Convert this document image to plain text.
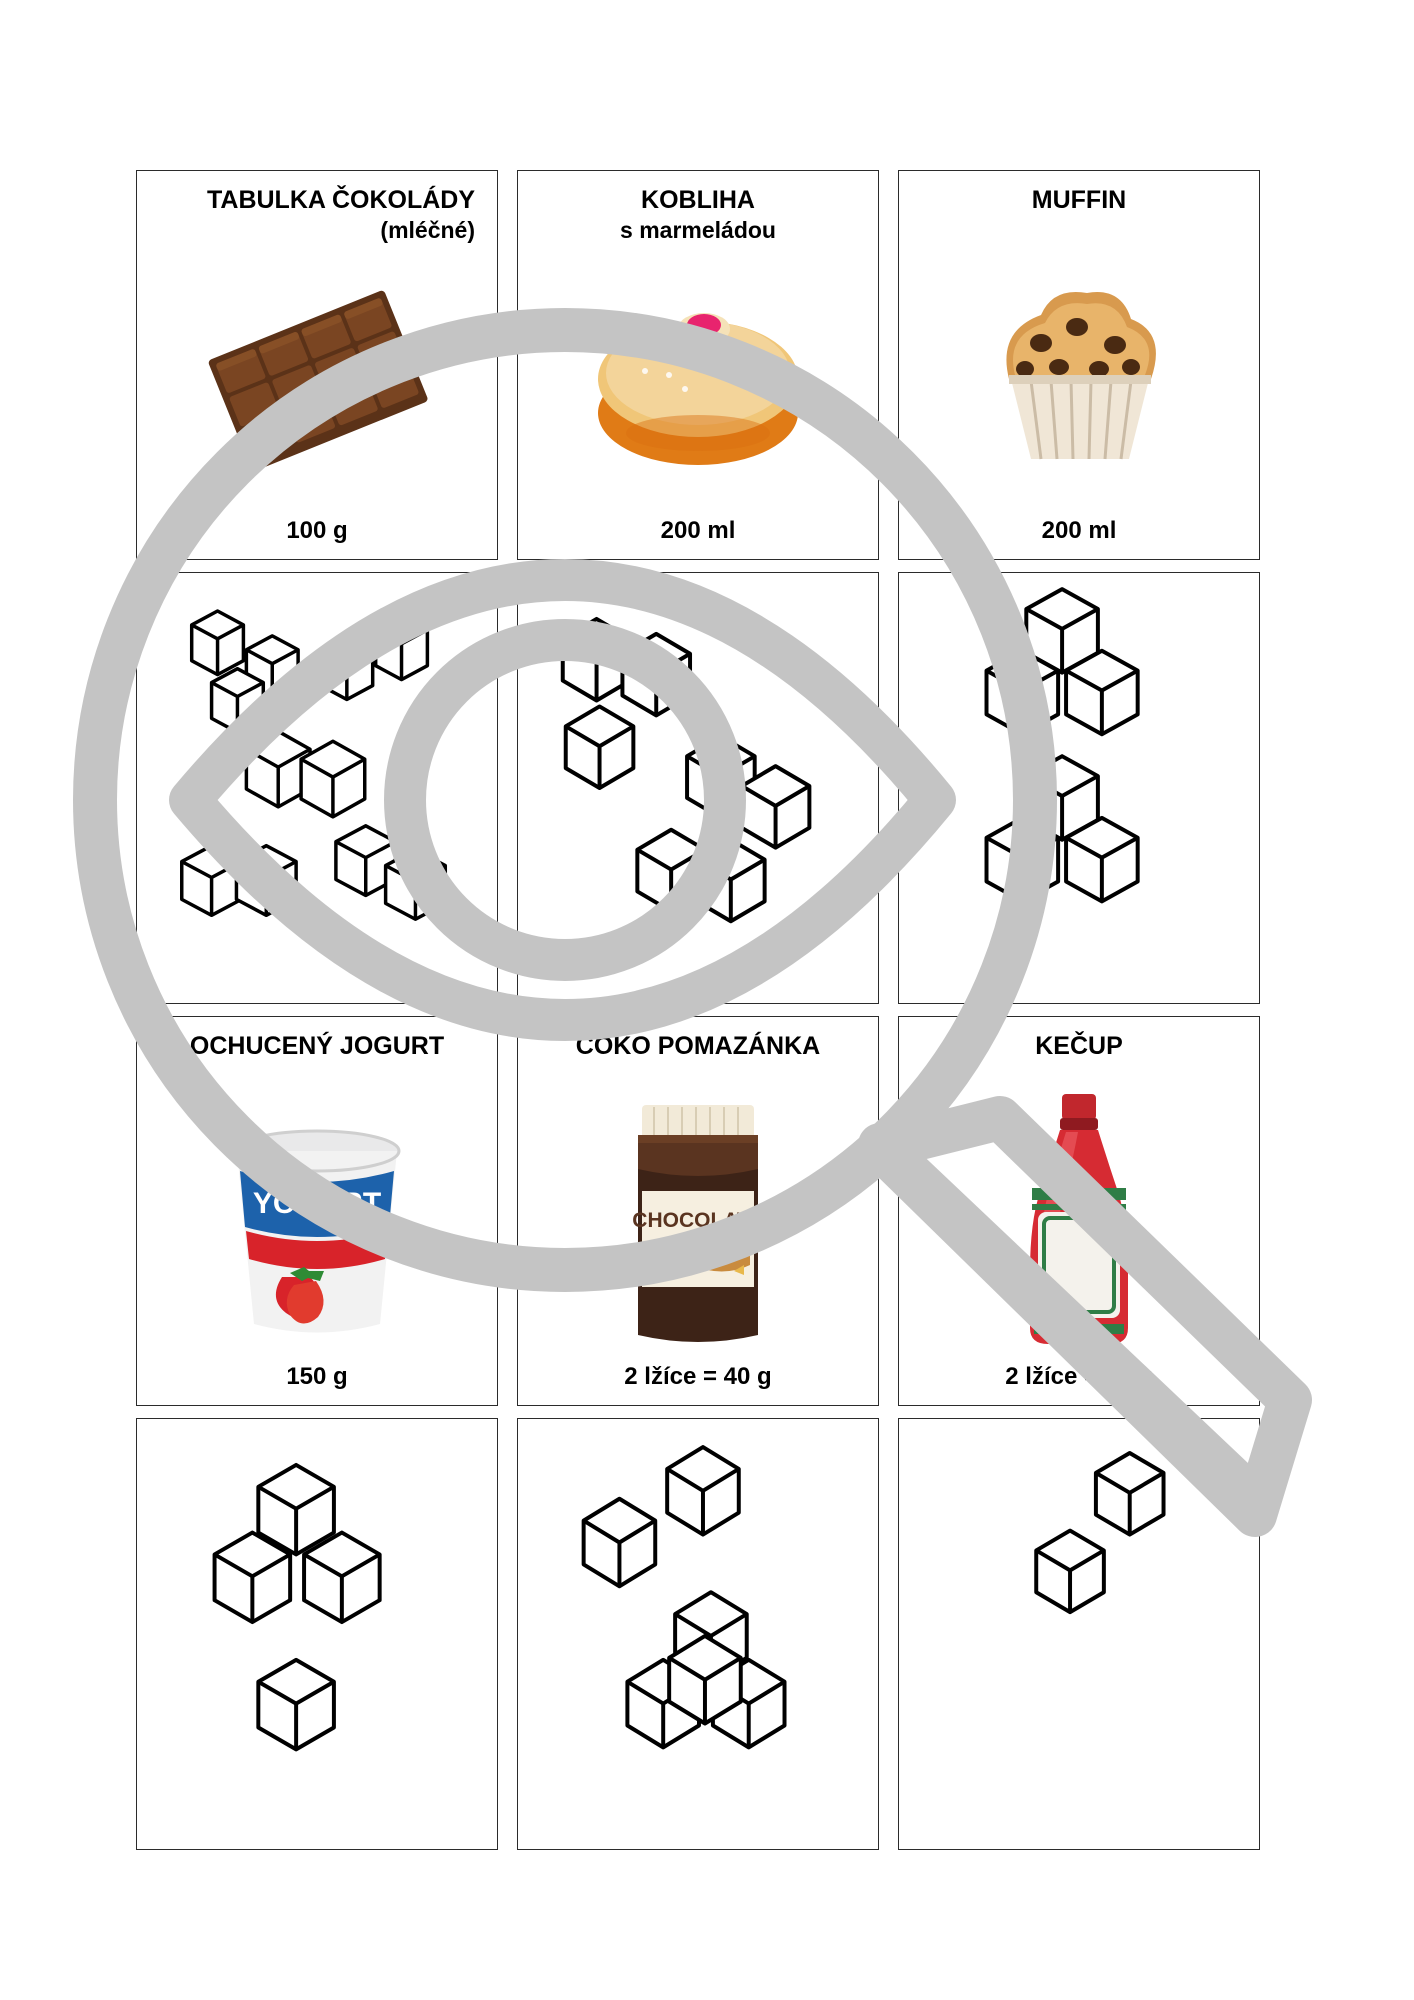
TABULKA ČOKOLÁDY
(mléčné)
100 g
KOBLIHA
s marmeládou
200 ml
MUFFIN
200 ml
OCHUCENÝ JOGURT
YOGURT
150 g
COKO POMAZÁNKA
CHOCOLATE
2 lžíce = 40 g
KEČUP
2 lžíce = 40 g
